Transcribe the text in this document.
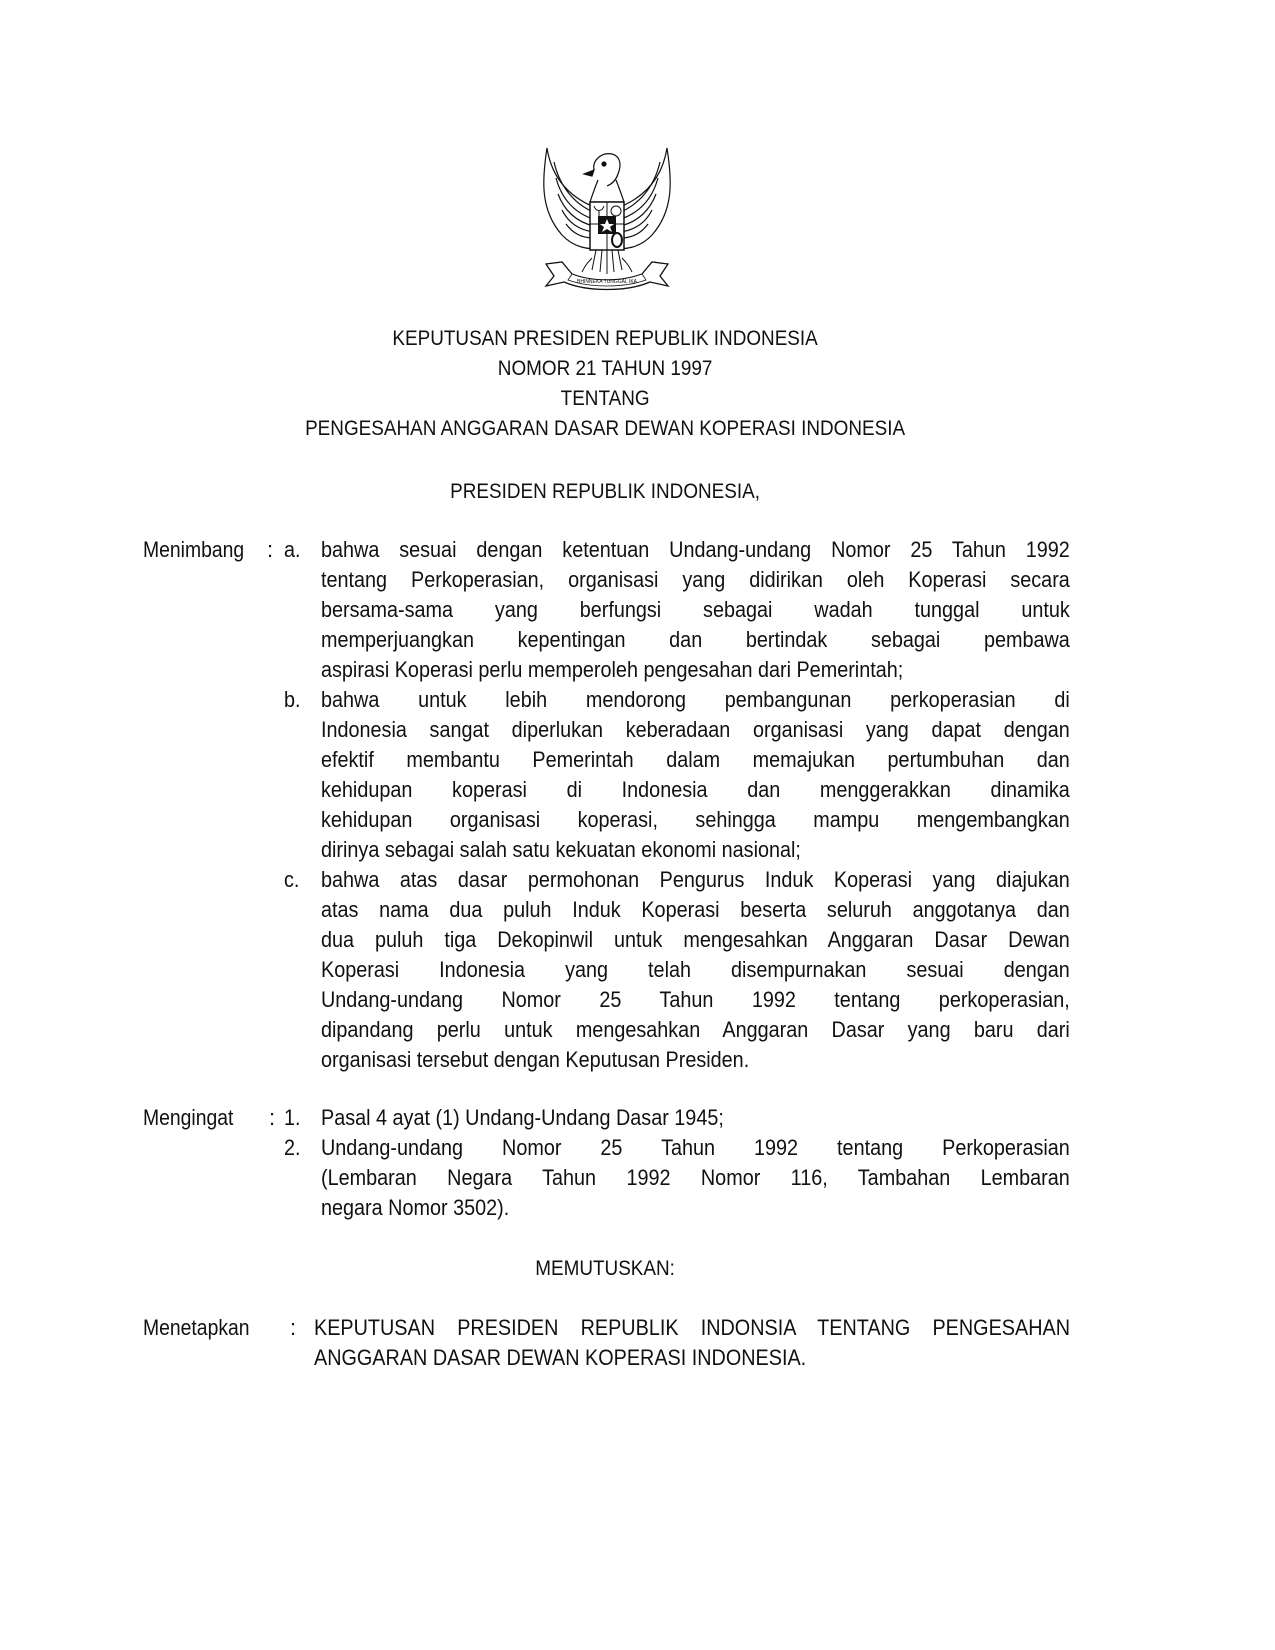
BHINNEKA TUNGGAL IKA
KEPUTUSAN PRESIDEN REPUBLIK INDONESIA
NOMOR 21 TAHUN 1997
TENTANG
PENGESAHAN ANGGARAN DASAR DEWAN KOPERASI INDONESIA
PRESIDEN REPUBLIK INDONESIA,
Menimbang : a. bahwa sesuai dengan ketentuan Undang-undang Nomor 25 Tahun 1992
tentang Perkoperasian, organisasi yang didirikan oleh Koperasi secara
bersama-sama yang berfungsi sebagai wadah tunggal untuk
memperjuangkan kepentingan dan bertindak sebagai pembawa
aspirasi Koperasi perlu memperoleh pengesahan dari Pemerintah;
b. bahwa untuk lebih mendorong pembangunan perkoperasian di
Indonesia sangat diperlukan keberadaan organisasi yang dapat dengan
efektif membantu Pemerintah dalam memajukan pertumbuhan dan
kehidupan koperasi di Indonesia dan menggerakkan dinamika
kehidupan organisasi koperasi, sehingga mampu mengembangkan
dirinya sebagai salah satu kekuatan ekonomi nasional;
c. bahwa atas dasar permohonan Pengurus Induk Koperasi yang diajukan
atas nama dua puluh Induk Koperasi beserta seluruh anggotanya dan
dua puluh tiga Dekopinwil untuk mengesahkan Anggaran Dasar Dewan
Koperasi Indonesia yang telah disempurnakan sesuai dengan
Undang-undang Nomor 25 Tahun 1992 tentang perkoperasian,
dipandang perlu untuk mengesahkan Anggaran Dasar yang baru dari
organisasi tersebut dengan Keputusan Presiden.
Mengingat : 1. Pasal 4 ayat (1) Undang-Undang Dasar 1945;
2. Undang-undang Nomor 25 Tahun 1992 tentang Perkoperasian
(Lembaran Negara Tahun 1992 Nomor 116, Tambahan Lembaran
negara Nomor 3502).
MEMUTUSKAN:
Menetapkan : KEPUTUSAN PRESIDEN REPUBLIK INDONSIA TENTANG PENGESAHAN
ANGGARAN DASAR DEWAN KOPERASI INDONESIA.
